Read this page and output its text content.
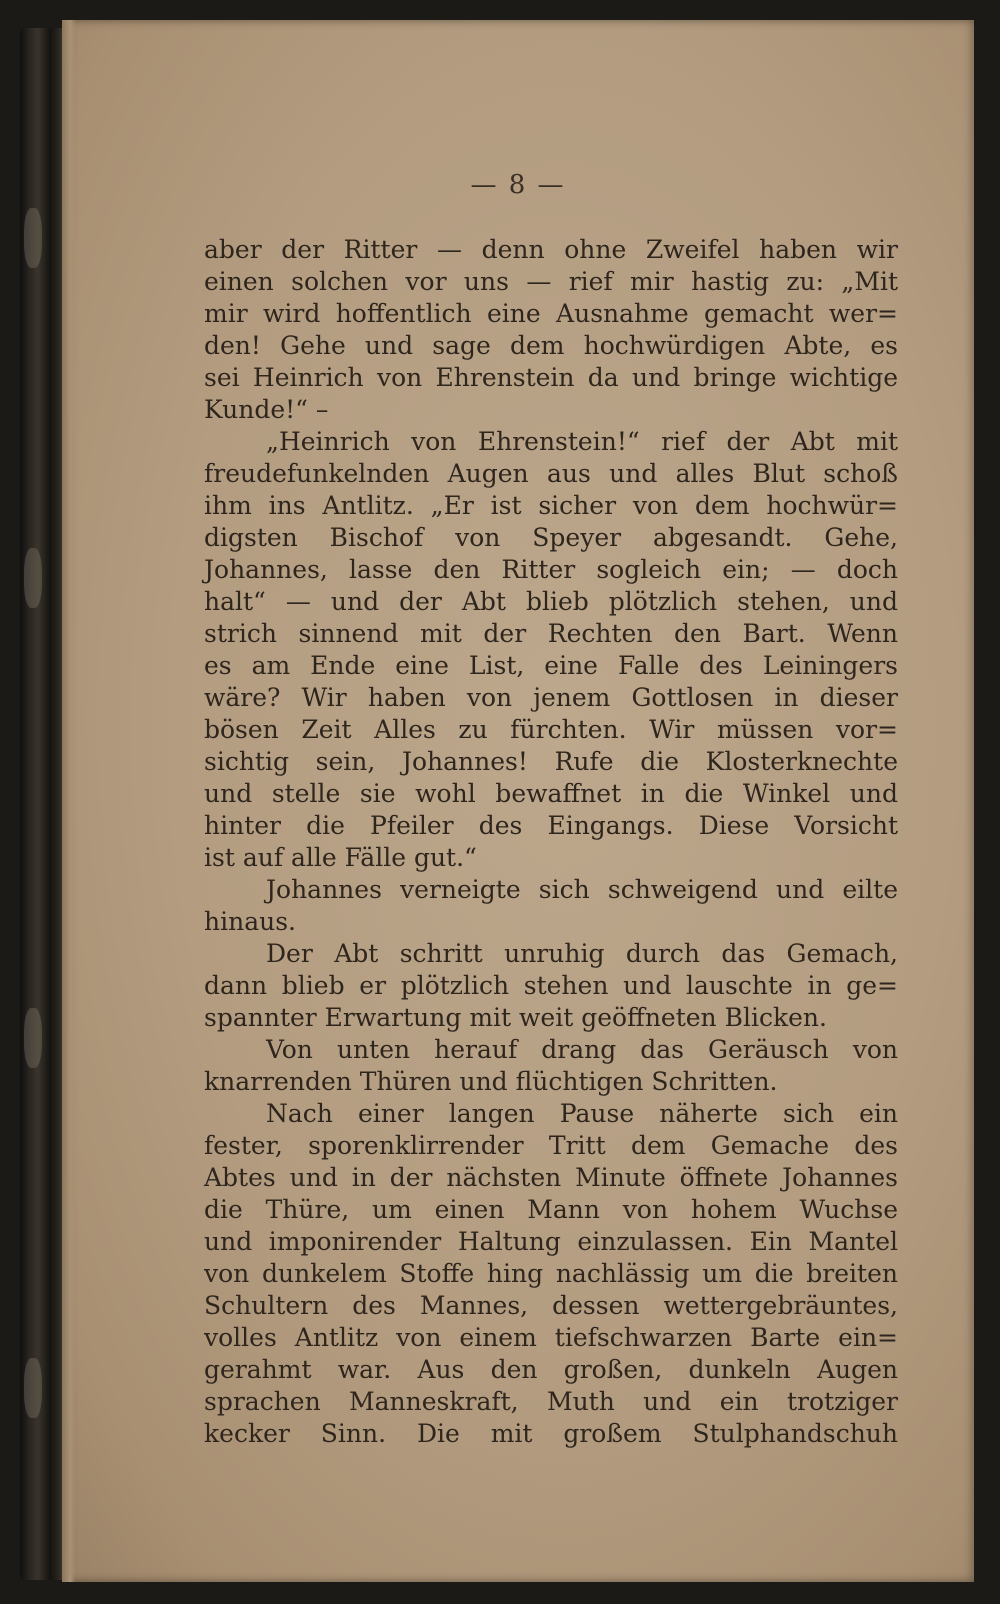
— 8 —
aber der Ritter — denn ohne Zweifel haben wir
einen solchen vor uns — rief mir hastig zu: „Mit
mir wird hoffentlich eine Ausnahme gemacht wer=
den! Gehe und sage dem hochwürdigen Abte, es
sei Heinrich von Ehrenstein da und bringe wichtige
Kunde!“ –
„Heinrich von Ehrenstein!“ rief der Abt mit
freudefunkelnden Augen aus und alles Blut schoß
ihm ins Antlitz. „Er ist sicher von dem hochwür=
digsten Bischof von Speyer abgesandt. Gehe,
Johannes, lasse den Ritter sogleich ein; — doch
halt“ — und der Abt blieb plötzlich stehen, und
strich sinnend mit der Rechten den Bart. Wenn
es am Ende eine List, eine Falle des Leiningers
wäre? Wir haben von jenem Gottlosen in dieser
bösen Zeit Alles zu fürchten. Wir müssen vor=
sichtig sein, Johannes! Rufe die Klosterknechte
und stelle sie wohl bewaffnet in die Winkel und
hinter die Pfeiler des Eingangs. Diese Vorsicht
ist auf alle Fälle gut.“
Johannes verneigte sich schweigend und eilte
hinaus.
Der Abt schritt unruhig durch das Gemach,
dann blieb er plötzlich stehen und lauschte in ge=
spannter Erwartung mit weit geöffneten Blicken.
Von unten herauf drang das Geräusch von
knarrenden Thüren und flüchtigen Schritten.
Nach einer langen Pause näherte sich ein
fester, sporenklirrender Tritt dem Gemache des
Abtes und in der nächsten Minute öffnete Johannes
die Thüre, um einen Mann von hohem Wuchse
und imponirender Haltung einzulassen. Ein Mantel
von dunkelem Stoffe hing nachlässig um die breiten
Schultern des Mannes, dessen wettergebräuntes,
volles Antlitz von einem tiefschwarzen Barte ein=
gerahmt war. Aus den großen, dunkeln Augen
sprachen Manneskraft, Muth und ein trotziger
kecker Sinn. Die mit großem Stulphandschuh
